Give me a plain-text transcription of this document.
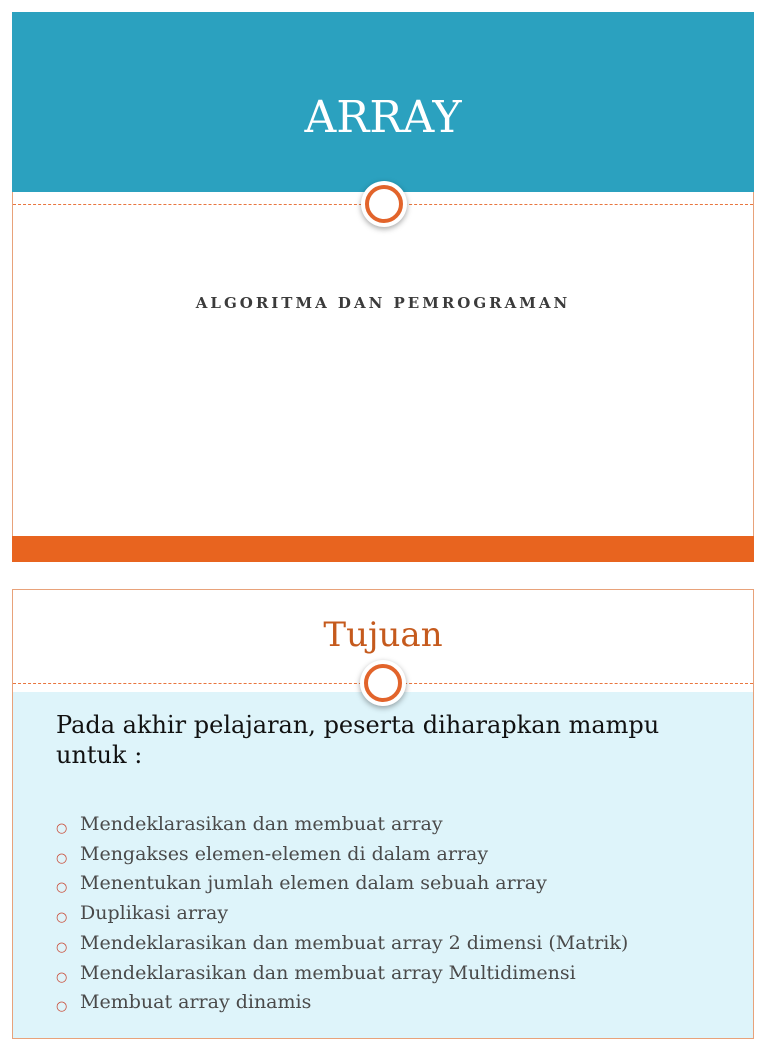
ARRAY
ALGORITMA DAN PEMROGRAMAN
Tujuan
Pada akhir pelajaran, peserta diharapkan mampu untuk :
○ Mendeklarasikan dan membuat array
○ Mengakses elemen-elemen di dalam array
○ Menentukan jumlah elemen dalam sebuah array
○ Duplikasi array
○ Mendeklarasikan dan membuat array 2 dimensi (Matrik)
○ Mendeklarasikan dan membuat array Multidimensi
○ Membuat array dinamis
